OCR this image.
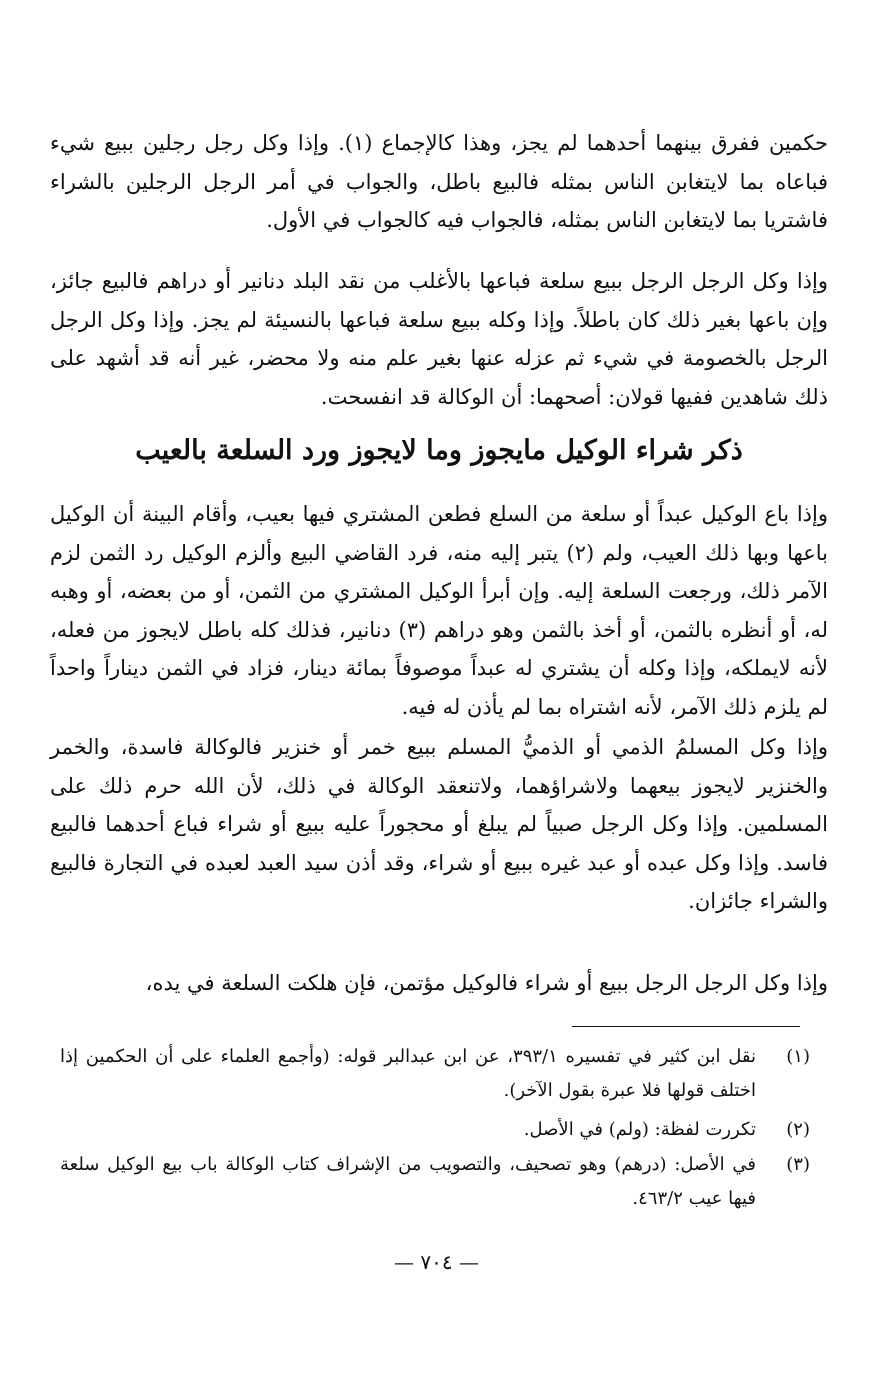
حكمين ففرق بينهما أحدهما لم يجز، وهذا كالإجماع (١). وإذا وكل رجل رجلين ببيع شيء فباعاه بما لايتغابن الناس بمثله فالبيع باطل، والجواب في أمر الرجل الرجلين بالشراء فاشتريا بما لايتغابن الناس بمثله، فالجواب فيه كالجواب في الأول.

وإذا وكل الرجل الرجل ببيع سلعة فباعها بالأغلب من نقد البلد دنانير أو دراهم فالبيع جائز، وإن باعها بغير ذلك كان باطلاً. وإذا وكله ببيع سلعة فباعها بالنسيئة لم يجز. وإذا وكل الرجل الرجل بالخصومة في شيء ثم عزله عنها بغير علم منه ولا محضر، غير أنه قد أشهد على ذلك شاهدين ففيها قولان: أصحهما: أن الوكالة قد انفسحت.

ذكر شراء الوكيل مايجوز وما لايجوز ورد السلعة بالعيب

وإذا باع الوكيل عبداً أو سلعة من السلع فطعن المشتري فيها بعيب، وأقام البينة أن الوكيل باعها وبها ذلك العيب، ولم (٢) يتبر إليه منه، فرد القاضي البيع وألزم الوكيل رد الثمن لزم الآمر ذلك، ورجعت السلعة إليه. وإن أبرأ الوكيل المشتري من الثمن، أو من بعضه، أو وهبه له، أو أنظره بالثمن، أو أخذ بالثمن وهو دراهم (٣) دنانير، فذلك كله باطل لايجوز من فعله، لأنه لايملكه، وإذا وكله أن يشتري له عبداً موصوفاً بمائة دينار، فزاد في الثمن ديناراً واحداً لم يلزم ذلك الآمر، لأنه اشتراه بما لم يأذن له فيه.

وإذا وكل المسلمُ الذمي أو الذميُّ المسلم ببيع خمر أو خنزير فالوكالة فاسدة، والخمر والخنزير لايجوز بيعهما ولاشراؤهما، ولاتنعقد الوكالة في ذلك، لأن الله حرم ذلك على المسلمين. وإذا وكل الرجل صبياً لم يبلغ أو محجوراً عليه ببيع أو شراء فباع أحدهما فالبيع فاسد. وإذا وكل عبده أو عبد غيره ببيع أو شراء، وقد أذن سيد العبد لعبده في التجارة فالبيع والشراء جائزان.

وإذا وكل الرجل الرجل ببيع أو شراء فالوكيل مؤتمن، فإن هلكت السلعة في يده،

(١)
نقل ابن كثير في تفسيره ٣٩٣/١، عن ابن عبدالبر قوله: (وأجمع العلماء على أن الحكمين إذا اختلف قولها فلا عبرة بقول الآخر).
(٢)
تكررت لفظة: (ولم) في الأصل.
(٣)
في الأصل: (درهم) وهو تصحيف، والتصويب من الإشراف كتاب الوكالة باب بيع الوكيل سلعة فيها عيب ٤٦٣/٢.
— ٧٠٤ —
